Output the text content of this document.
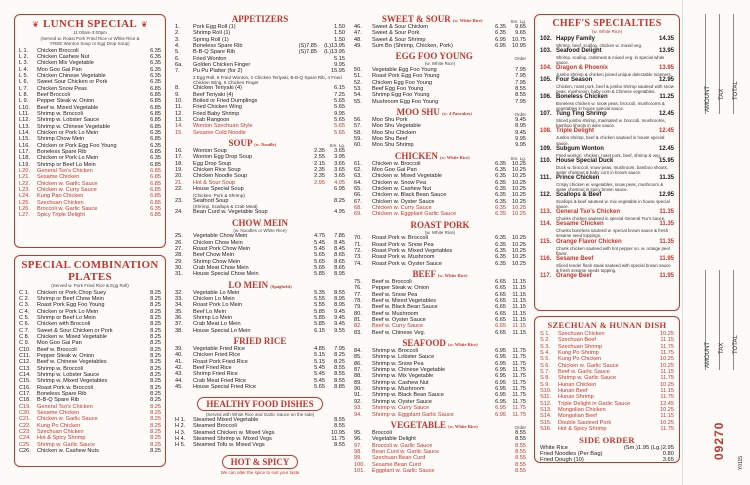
❦ LUNCH SPECIAL ❦
11:00am-3:00pm
(Served w. Roast Pork Fried Rice or White Rice &
FREE Wonton Soup or Egg Drop Soup)
L 1.	Chicken Broccoli	6.35
L 2.	Chicken Cashew Nut	6.35
L 3.	Chicken Mix Vegetable	6.35
L 4.	Moo Goo Gai Pan	6.35
L 5.	Chicken Chinese Vegetable	6.35
L 6.	Sweet Sour Chicken or Pork	6.35
L 7.	Chicken Snow Peas	6.85
L 8.	Beef Broccoli	6.85
L 9.	Pepper Steak w. Onion	6.85
L10.	Beef w. Mixed Vegetable	6.85
L11.	Shrimp w. Broccoli	6.85
L12.	Shrimp w. Lobster Sauce	6.85
L13.	Shrimp w. Chinese Vegetable	6.85
L14.	Chicken or Pork Lo Mein	6.35
L15.	Shrimp Chow Mein	6.85
L16.	Chicken or Pork Egg Foo Young	6.35
L17.	Boneless Spare Rib	6.85
L18.	Chicken or Pork Lo Mein	6.35
L19.	Shrimp or Beef Lo Mein	6.85
L20.	General Tso's Chicken	6.85
L21.	Sesame Chicken	6.85
L22.	Chicken w. Garlic Sauce	6.85
L23.	Chicken w. Curry Sauce	6.85
L24.	Kung Pao Chicken	6.85
L25.	Szechuan Chicken	6.85
L26.	Broccoli w. Garlic Sauce	6.35
L27.	Spicy Triple Delight	6.85
SPECIAL COMBINATION
PLATES
(Served w. Pork Fried Rice & Egg Roll)
C 1.	Chicken or Pork Chop Suey	8.25
C 2.	Shrimp or Beef Chow Mein	8.25
C 3.	Roast Pork Egg Foo Young	8.25
C 4.	Chicken or Pork Lo Mein	8.25
C 5.	Shrimp or Beef Lo Mein	8.25
C 6.	Chicken with Broccoli	8.25
C 7.	Sweet & Sour Chicken or Pork	8.25
C 8.	Chicken w. Mixed Vegetable	8.25
C 9.	Moo Goo Gai Pan	8.25
C10.	Beef w. Broccoli	8.25
C11.	Pepper Steak w. Onion	8.25
C12.	Beef w. Chinese Vegetables	8.25
C13.	Shrimp w. Broccoli	8.25
C14.	Shrimp w. Lobster Sauce	8.25
C15.	Shrimp w. Mixed Vegetables	8.25
C16.	Roast Pork w. Broccoli	8.25
C17.	Boneless Spare Rib	8.25
C18.	B-B-Q Spare Rib	8.25
C19.	General Tso's Chicken	8.25
C20.	Sesame Chicken	8.25
C21.	Chicken w. Garlic Sauce	8.25
C22.	Kung Po Chicken	8.25
C23.	Szechuan Chicken	8.25
C24.	Hot & Spicy Shrimp	8.25
C25.	Shrimp w. Garlic Sauce	8.25
C26.	Chicken w. Cashew Nuts	8.25
APPETIZERS
1.	Pork Egg Roll (1)	1.50
2.	Shrimp Roll (1)	1.50
3.	Spring Roll (1)	1.50
4.	Boneless Spare Rib	(S)7.85 (L)13.95
5.	B-B-Q Spare Rib	(S)7.85 (L)13.95
6.	Fried Wonton	5.15
6a.	Golden Chicken Finger	9.95
7.	Pu Pu Platter (for 2)	15.95
2 Egg Roll, 6 Fried Wonton, 2 Chicken Teriyaki, B-B-Q Spare Rib, 4 Fried Chicken Wing, 6 Chicken Finger
8.	Chicken Teriyaki (4)	6.15
9.	Beef Teriyaki (4)	7.25
10.	Boiled or Fried Dumplings	5.65
11.	Fried Chicken Wing	5.65
12.	Fried Baby Shrimp	9.95
13.	Crab Rangoon	5.65
14.	Wonton Szechuan Style	5.65
15.	Sesame Cold Noodle	5.65
SOUP (w. Noodle)	Sm. Lg.
16.	Wonton Soup	2.35 3.65
17.	Wonton Egg Drop Soup	2.55 3.95
18.	Egg Drop Soup	2.15 3.65
19.	Chicken Rice Soup	2.35 3.65
20.	Chicken Noodle Soup	2.35 3.65
21.	Hot & Sour Soup	2.95 4.05
22.	House Special Soup	6.95
(Chicken, Pork & Shrimp)
23.	Seafood Soup	8.25
(Shrimp, Scallops & Crab Meat)
24.	Bean Curd w. Vegetable Soup	4.95
CHOW MEIN
(w. Noodles or White Rice)
25.	Vegetable Chow Mein	4.75 7.85
26.	Chicken Chow Mein	5.45 8.45
27.	Roast Pork Chow Mein	5.45 8.45
28.	Beef Chow Mein	5.65 8.65
29.	Shrimp Chow Mein	5.65 8.65
30.	Crab Meat Chow Mein	5.65 8.65
31.	House Special Chow Mein	5.85 8.95
LO MEIN (Spaghetti)
32.	Vegetable Lo Mein	5.35 8.55
33.	Chicken Lo Mein	5.55 8.95
34.	Roast Pork Lo Mein	5.55 8.95
35.	Beef Lo Mein	5.85 9.45
36.	Shrimp Lo Mein	5.85 9.45
37.	Crab Meat Lo Mein	5.85 9.45
38.	House Special Lo Mein	6.15 9.55
FRIED RICE
39.	Vegetable Fried Rice	4.85 7.95
40.	Chicken Fried Rice	5.15 8.25
41.	Roast Pork Fried Rice	5.15 8.25
42.	Beef Fried Rice	5.45 8.55
43.	Shrimp Fried Rice	5.45 8.55
44.	Crab Meat Fried Rice	5.45 8.55
45.	House Special Fried Rice	5.65 8.85
HEALTHY FOOD DISHES
(Served with White Rice and Garlic Sauce on the side)
H 1.	Steamed Mixed Vegetable	8.55
H 2.	Steamed Broccoli	8.55
H 3.	Steamed Chicken w. Mixed Vegs	10.95
H 4.	Steamed Shrimp w. Mixed Vegs	11.75
H 5.	Steamed Tofu w. Mixed Vegs	8.55
HOT & SPICY
We can alter the spice to suit your taste
SWEET & SOUR (w. White Rice)	Sm. Lg.
46.	Sweet & Sour Chicken	6.35 9.65
47.	Sweet & Sour Pork	6.35 9.65
48.	Sweet & Sour Shrimp	6.95 10.75
49.	Sum Bo (Shrimp, Chicken, Pork)	6.95 10.95
EGG FOO YOUNG	Order
(w. White Rice)
50.	Vegetable Egg Foo Young	7.95
51.	Roast Pork Egg Foo Young	7.95
52.	Chicken Egg Foo Young	7.95
53.	Beef Egg Foo Young	8.55
54.	Shrimp Egg Foo Young	8.55
55.	Mushroom Egg Foo Young	7.95
MOO SHU (w. 4 Pancakes)	Order
56.	Moo Shu Pork	9.45
57.	Moo Shu Vegetable	8.95
58.	Moo Shu Chicken	9.45
59.	Moo Shu Beef	9.95
60.	Moo Shu Shrimp	9.95
CHICKEN (w. White Rice)	Sm. Lg.
61.	Chicken w. Broccoli	6.35 10.25
62.	Moo Goo Gai Pan	6.35 10.25
63.	Chicken w. Mixed Vegetable	6.35 10.25
64.	Chicken w. Snow Pea	6.35 10.25
65.	Chicken w. Cashew Nut	6.35 10.25
66.	Chicken w. Black Bean Sauce	6.35 10.25
67.	Chicken w. Oyster Sauce	6.35 10.25
68.	Chicken w. Curry Sauce	6.35 10.25
69.	Chicken w. Eggplant Garlic Sauce	6.35 10.25
ROAST PORK
(w. White Rice)
70.	Roast Pork w. Broccoli	6.35 10.25
71.	Roast Pork w. Snow Pea	6.35 10.25
72.	Roast Pork w. Mixed Vegetables	6.35 10.25
73.	Roast Pork w. Mushroom	6.35 10.25
74.	Roast Pork w. Oyster Sauce	6.35 10.25
BEEF (w. White Rice)
75.	Beef w. Broccoli	6.65 11.15
76.	Pepper Steak w. Onion	6.65 11.15
77.	Beef w. Snow Pea	6.65 11.15
78.	Beef w. Mixed Vegetables	6.65 11.15
79.	Beef w. Black Bean Sauce	6.65 11.15
80.	Beef w. Mushroom	6.65 11.15
81.	Beef w. Oyster Sauce	6.65 11.15
82.	Beef w. Curry Sauce	6.65 11.15
83.	Beef w. Chinese Veg.	6.65 11.15
SEAFOOD (w. White Rice)
84.	Shrimp w. Broccoli	6.95 11.75
85.	Shrimp w. Lobster Sauce	6.95 11.75
86.	Shrimp w. Snow Pea	6.95 11.75
87.	Shrimp w. Chinese Vegetable	6.95 11.75
88.	Shrimp w. Mix Vegetable	6.95 11.75
89.	Shrimp w. Cashew Nut	6.95 11.75
90.	Shrimp w. Mushroom	6.95 11.75
91.	Shrimp w. Black Bean Sauce	6.95 11.75
92.	Shrimp w. Oyster Sauce	6.95 11.75
93.	Shrimp w. Curry Sauce	6.95 11.75
94.	Shrimp w. Eggplant Garlic Sauce	6.95 11.75
VEGETABLE (w. White Rice)	Order
95.	Broccoli	8.55
96.	Vegetable Delight	8.55
97.	Broccoli w. Garlic Sauce	8.55
98.	Bean Curd w. Garlic Sauce	8.55
99.	Szechuan Bean Curd	8.55
100.	Sesame Bean Curd	8.55
101.	Eggplant w. Garlic Sauce	8.55
CHEF'S SPECIALTIES
(w. White Rice)
102. Happy Family	14.35
Shrimp, beef, scallop, chicken w. mixed veg.
103. Seafood Delight	13.95
Shrimp, scallop, crabmeat & mixed veg. in special white sauce.
104. Dragon & Phoenix	13.95
Jumbo shrimp & chicken joined unique delectable manners.
105. Four Season	12.95
Chicken, roast pork, beef & jumbo shrimp sauteed with snow peas, mushroom, baby corn & Chinese vegetables.
106. Boneless Chicken	11.25
Boneless chicken w. snow peas, broccoli, mushrooms & vegetables in house special sauce.
107. Tung Ting Shrimp	12.45
Sliced jumbo shrimp, marinated w. broccoli, mushrooms, bamboo shoots in wine sauce.
108. Triple Delight	12.45
Jumbo shrimp, beef & chicken sauteed in house special sauce.
109. Subgum Wonton	12.45
Fried wonton, chicken, roast pork, beef, shrimp & veg.
110. House Special Duck	15.95
Duck w. broccoli, snow peas, mushroom, bamboo shoots, water chestnut & baby corn in brown sauce.
111. Prince Chicken	11.35
Crispy chicken w. vegetables, snow peas, mushroom & water chestnut in spicy brown sauce.
112. Scallops & Beef	12.95
Scallops & beef sauteed w. mix vegetable in house special sauce.
113. General Tso's Chicken	11.35
Chunks chicken sauteed in special General Tso's sauce.
114. Sesame Chicken	11.35
Chunks boneless sauteed w. special brown sauce & fresh sesame seed toppings.
115. Orange Flavor Chicken	11.35
Chunk chicken sauteed with hot pepper so. w. orange peel flavor.
116. Sesame Beef	11.95
Sliced tender flank steak sauteed with special brown sauce & fresh sesame seeds topping.
117. Orange Beef	11.95
SZECHUAN & HUNAN DISH
S 1.	Szechuan Chicken	10.25
S 2.	Szechuan Beef	11.15
S 3.	Szechuan Shrimp	11.75
S 4.	Kung Po Shrimp	11.75
S 5.	Kung Po Chicken	10.25
S 6.	Chicken w. Garlic Sauce	10.25
S 7.	Beef w. Garlic Sauce	11.15
S 8.	Shrimp w. Garlic Sauce	11.75
S 9.	Hunan Chicken	10.25
S10.	Hunan Beef	11.15
S11.	Hunan Shrimp	11.75
S12.	Triple Delight in Garlic Sauce	12.45
S13.	Mongolian Chicken	10.25
S14.	Mongolian Beef	11.15
S15.	Double Sauteed Pork	10.25
S16.	Hot & Spicy Shrimp	11.75
SIDE ORDER
White Rice	(Sm.)1.95 (Lg.)2.95
Fried Noodles (Per Bag)	0.80
Fried Dough (10)	3.65
AMOUNT TAX TOTAL
AMOUNT TAX TOTAL
09270
Y0115
